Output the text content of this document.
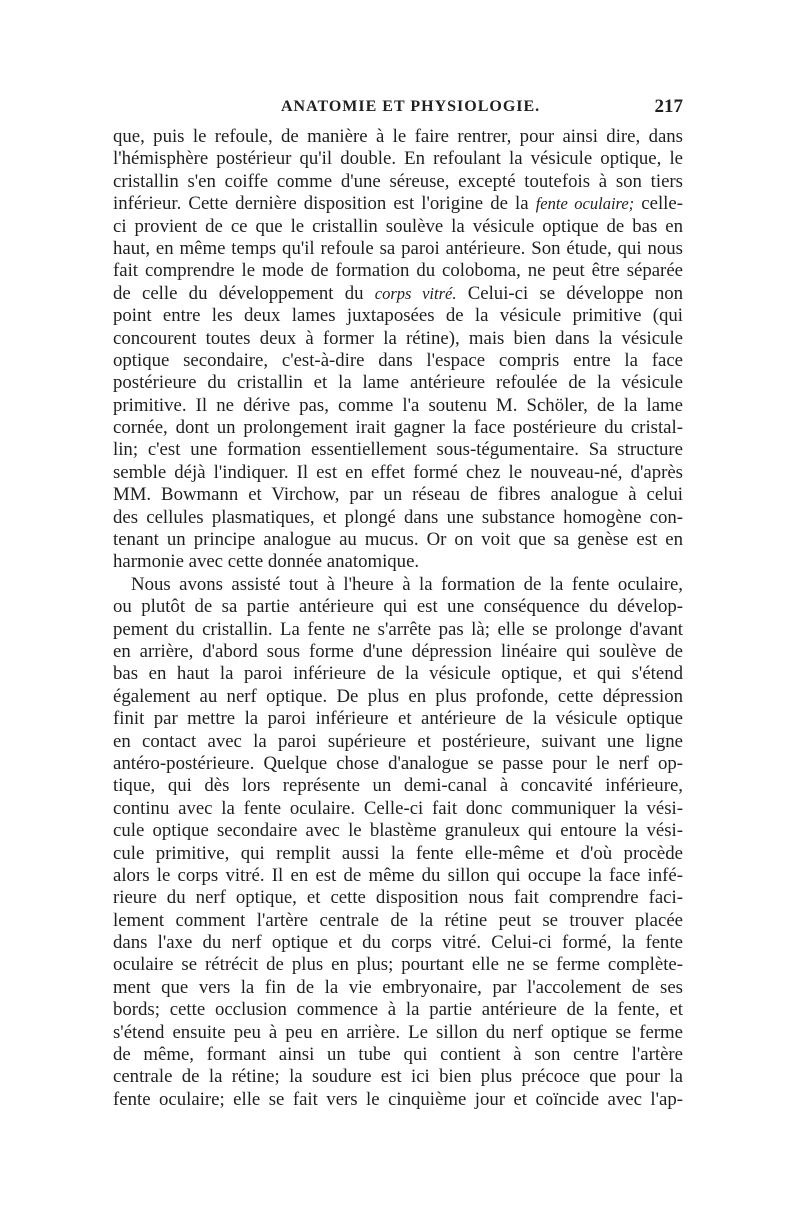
ANATOMIE ET PHYSIOLOGIE.	217
que, puis le refoule, de manière à le faire rentrer, pour ainsi dire, dans
l'hémisphère postérieur qu'il double. En refoulant la vésicule optique, le
cristallin s'en coiffe comme d'une séreuse, excepté toutefois à son tiers
inférieur. Cette dernière disposition est l'origine de la fente oculaire; celle-
ci provient de ce que le cristallin soulève la vésicule optique de bas en
haut, en même temps qu'il refoule sa paroi antérieure. Son étude, qui nous
fait comprendre le mode de formation du coloboma, ne peut être séparée
de celle du développement du corps vitré. Celui-ci se développe non
point entre les deux lames juxtaposées de la vésicule primitive (qui
concourent toutes deux à former la rétine), mais bien dans la vésicule
optique secondaire, c'est-à-dire dans l'espace compris entre la face
postérieure du cristallin et la lame antérieure refoulée de la vésicule
primitive. Il ne dérive pas, comme l'a soutenu M. Schöler, de la lame
cornée, dont un prolongement irait gagner la face postérieure du cristal-
lin; c'est une formation essentiellement sous-tégumentaire. Sa structure
semble déjà l'indiquer. Il est en effet formé chez le nouveau-né, d'après
MM. Bowmann et Virchow, par un réseau de fibres analogue à celui
des cellules plasmatiques, et plongé dans une substance homogène con-
tenant un principe analogue au mucus. Or on voit que sa genèse est en
harmonie avec cette donnée anatomique.
Nous avons assisté tout à l'heure à la formation de la fente oculaire,
ou plutôt de sa partie antérieure qui est une conséquence du dévelop-
pement du cristallin. La fente ne s'arrête pas là; elle se prolonge d'avant
en arrière, d'abord sous forme d'une dépression linéaire qui soulève de
bas en haut la paroi inférieure de la vésicule optique, et qui s'étend
également au nerf optique. De plus en plus profonde, cette dépression
finit par mettre la paroi inférieure et antérieure de la vésicule optique
en contact avec la paroi supérieure et postérieure, suivant une ligne
antéro-postérieure. Quelque chose d'analogue se passe pour le nerf op-
tique, qui dès lors représente un demi-canal à concavité inférieure,
continu avec la fente oculaire. Celle-ci fait donc communiquer la vési-
cule optique secondaire avec le blastème granuleux qui entoure la vési-
cule primitive, qui remplit aussi la fente elle-même et d'où procède
alors le corps vitré. Il en est de même du sillon qui occupe la face infé-
rieure du nerf optique, et cette disposition nous fait comprendre faci-
lement comment l'artère centrale de la rétine peut se trouver placée
dans l'axe du nerf optique et du corps vitré. Celui-ci formé, la fente
oculaire se rétrécit de plus en plus; pourtant elle ne se ferme complète-
ment que vers la fin de la vie embryonaire, par l'accolement de ses
bords; cette occlusion commence à la partie antérieure de la fente, et
s'étend ensuite peu à peu en arrière. Le sillon du nerf optique se ferme
de même, formant ainsi un tube qui contient à son centre l'artère
centrale de la rétine; la soudure est ici bien plus précoce que pour la
fente oculaire; elle se fait vers le cinquième jour et coïncide avec l'ap-
